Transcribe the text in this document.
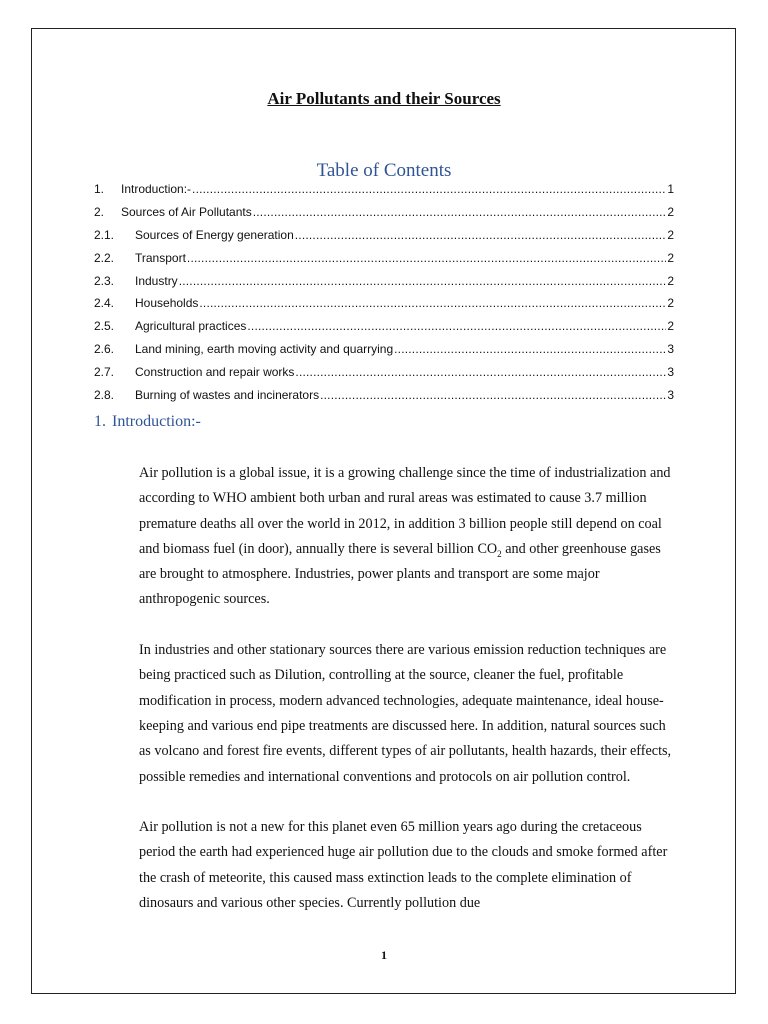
Air Pollutants and their Sources
Table of Contents
1.	Introduction:- .....	1
2.	Sources of Air Pollutants .....	2
2.1.	Sources of Energy generation .....	2
2.2.	Transport .....	2
2.3.	Industry .....	2
2.4.	Households .....	2
2.5.	Agricultural practices .....	2
2.6.	Land mining, earth moving activity and quarrying .....	3
2.7.	Construction and repair works .....	3
2.8.	Burning of wastes and incinerators .....	3
1. Introduction:-

Air pollution is a global issue, it is a growing challenge since the time of industrialization and according to WHO ambient both urban and rural areas was estimated to cause 3.7 million premature deaths all over the world in 2012, in addition 3 billion people still depend on coal and biomass fuel (in door), annually there is several billion $CO_2$ and other greenhouse gases are brought to atmosphere. Industries, power plants and transport are some major anthropogenic sources.

In industries and other stationary sources there are various emission reduction techniques are being practiced such as Dilution, controlling at the source, cleaner the fuel, profitable modification in process, modern advanced technologies, adequate maintenance, ideal house-keeping and various end pipe treatments are discussed here. In addition, natural sources such as volcano and forest fire events, different types of air pollutants, health hazards, their effects, possible remedies and international conventions and protocols on air pollution control.

Air pollution is not a new for this planet even 65 million years ago during the cretaceous period the earth had experienced huge air pollution due to the clouds and smoke formed after the crash of meteorite, this caused mass extinction leads to the complete elimination of dinosaurs and various other species. Currently pollution due

1
